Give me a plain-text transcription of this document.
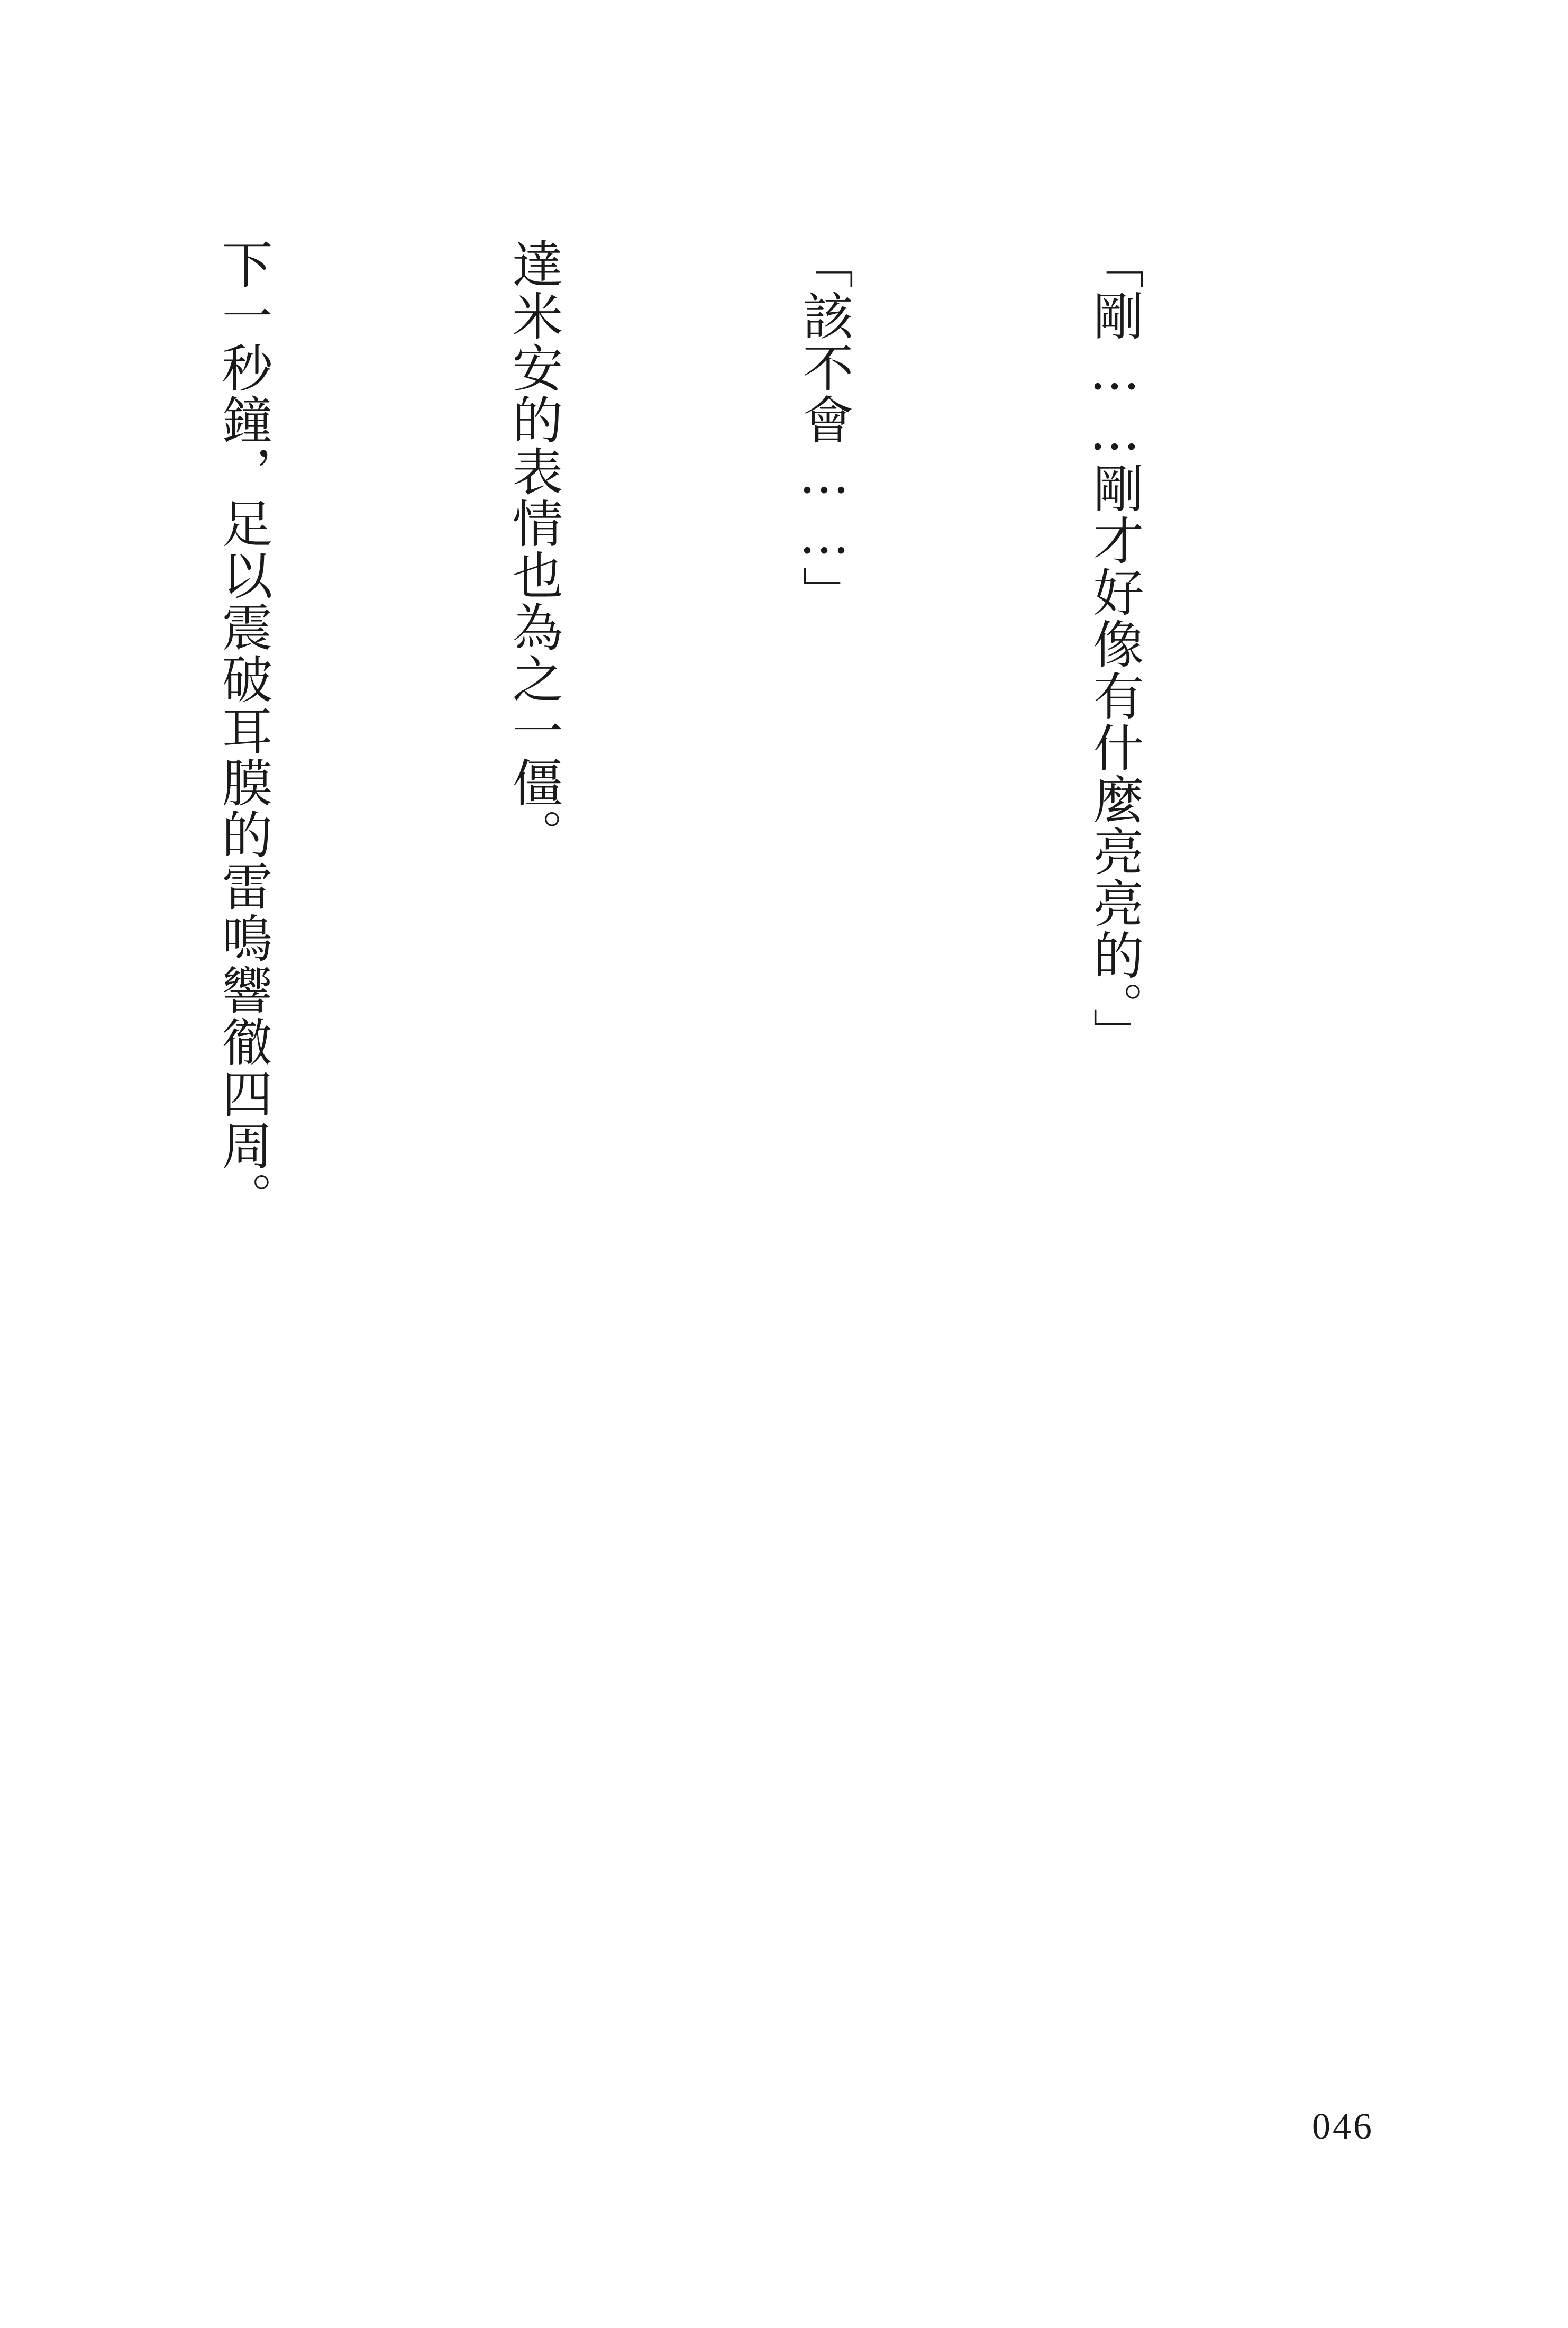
「剛……剛才好像有什麼亮亮的。」

「該不會……」

達米安的表情也為之一僵。

下一秒鐘，足以震破耳膜的雷鳴響徹四周。

046
